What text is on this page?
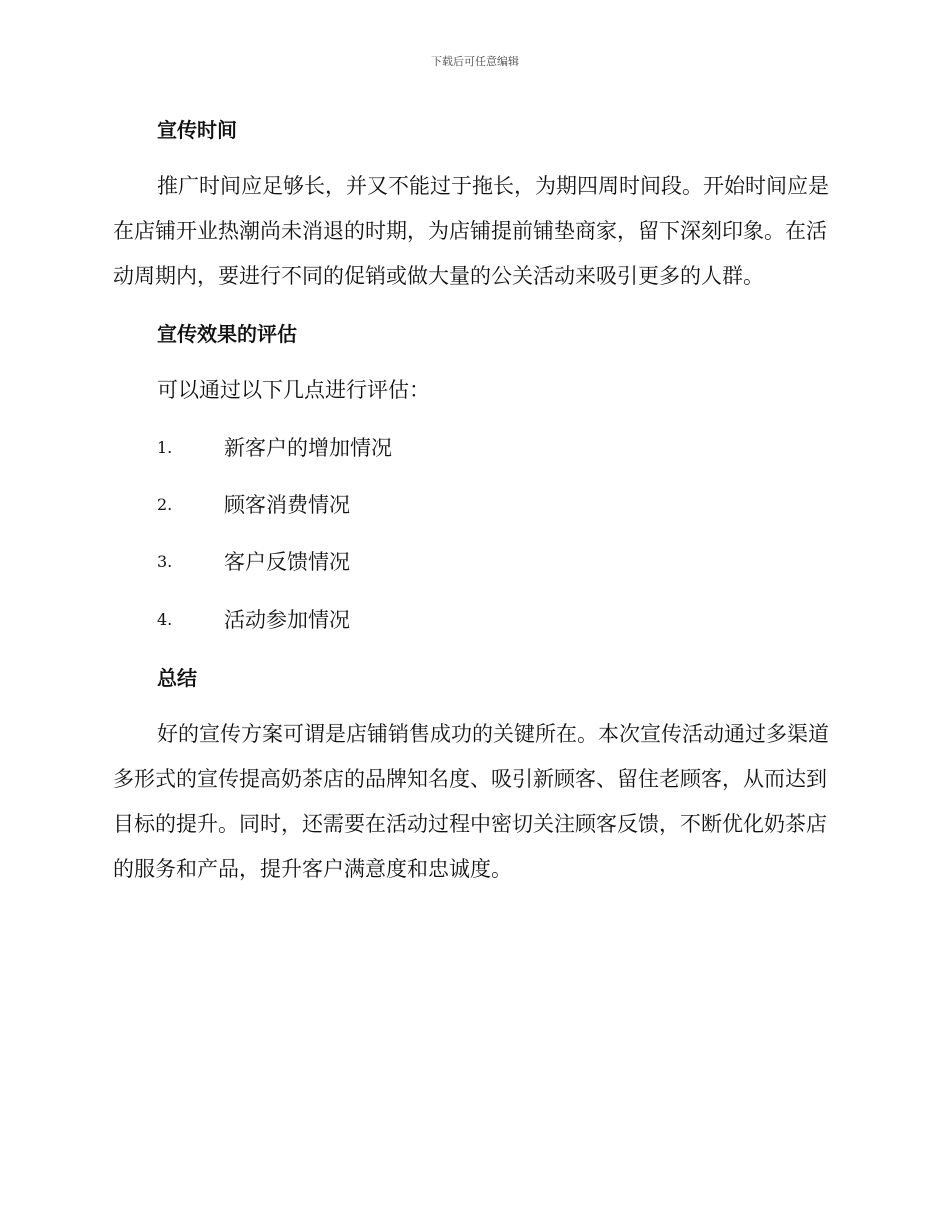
下载后可任意编辑
宣传时间

推广时间应足够长，并又不能过于拖长，为期四周时间段。开始时间应是在店铺开业热潮尚未消退的时期，为店铺提前铺垫商家，留下深刻印象。在活动周期内，要进行不同的促销或做大量的公关活动来吸引更多的人群。

宣传效果的评估
可以通过以下几点进行评估：
1. 新客户的增加情况
2. 顾客消费情况
3. 客户反馈情况
4. 活动参加情况
总结

好的宣传方案可谓是店铺销售成功的关键所在。本次宣传活动通过多渠道多形式的宣传提高奶茶店的品牌知名度、吸引新顾客、留住老顾客，从而达到目标的提升。同时，还需要在活动过程中密切关注顾客反馈，不断优化奶茶店的服务和产品，提升客户满意度和忠诚度。
